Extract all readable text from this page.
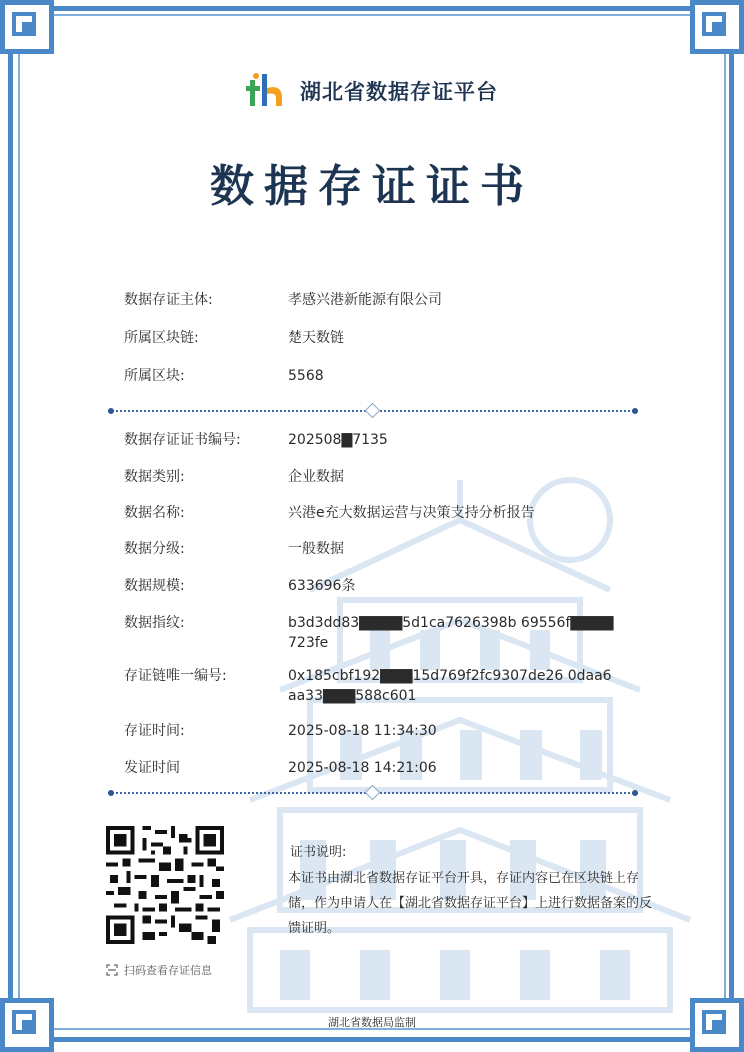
湖北省数据存证平台
数据存证证书
数据存证主体:	孝感兴港新能源有限公司
所属区块链:	楚天数链
所属区块:	5568
数据存证证书编号:	202508▇7135
数据类别:	企业数据
数据名称:	兴港e充大数据运营与决策支持分析报告
数据分级:	一般数据
数据规模:	633696条
数据指纹:	b3d3dd83▇▇▇▇5d1ca7626398b 69556f▇▇▇▇723fe
存证链唯一编号:	0x185cbf192▇▇▇15d769f2fc9307de26 0daa6aa33▇▇▇588c601
存证时间:	2025-08-18 11:34:30
发证时间	2025-08-18 14:21:06
扫码查看存证信息
证书说明:
本证书由湖北省数据存证平台开具，存证内容已在区块链上存储，作为申请人在【湖北省数据存证平台】上进行数据备案的反馈证明。
湖北省数据局监制
